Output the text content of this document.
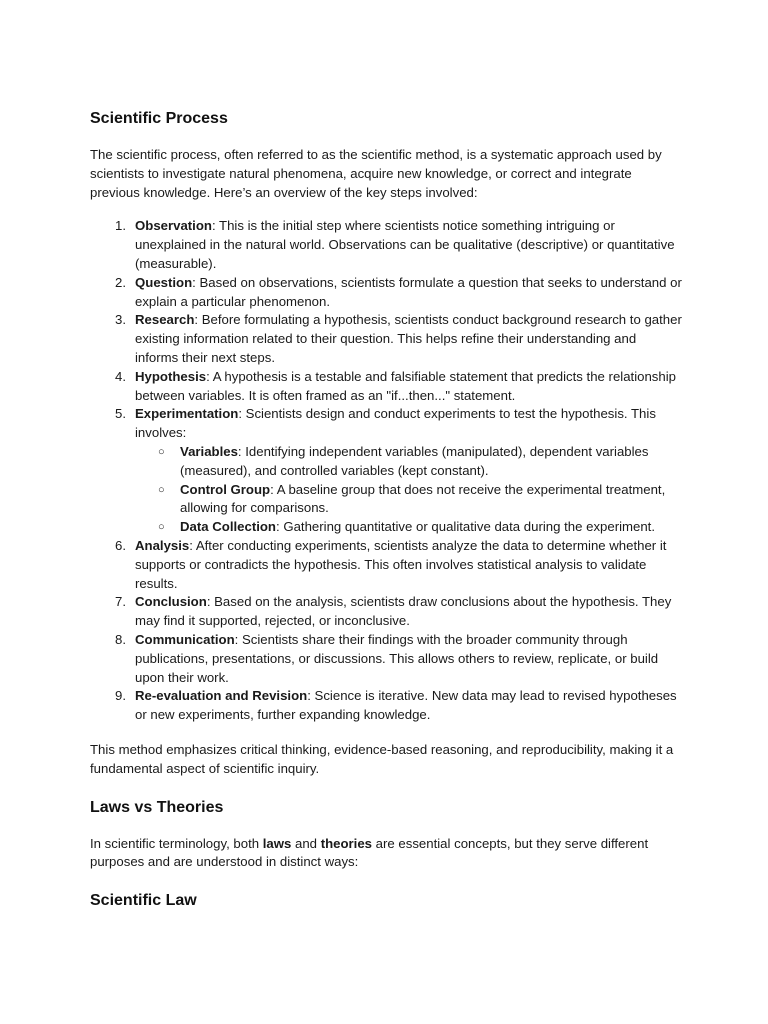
Scientific Process

The scientific process, often referred to as the scientific method, is a systematic approach used by scientists to investigate natural phenomena, acquire new knowledge, or correct and integrate previous knowledge. Here’s an overview of the key steps involved:

1. Observation: This is the initial step where scientists notice something intriguing or unexplained in the natural world. Observations can be qualitative (descriptive) or quantitative (measurable).
2. Question: Based on observations, scientists formulate a question that seeks to understand or explain a particular phenomenon.
3. Research: Before formulating a hypothesis, scientists conduct background research to gather existing information related to their question. This helps refine their understanding and informs their next steps.
4. Hypothesis: A hypothesis is a testable and falsifiable statement that predicts the relationship between variables. It is often framed as an "if...then..." statement.
5. Experimentation: Scientists design and conduct experiments to test the hypothesis. This involves:
○ Variables: Identifying independent variables (manipulated), dependent variables (measured), and controlled variables (kept constant).
○ Control Group: A baseline group that does not receive the experimental treatment, allowing for comparisons.
○ Data Collection: Gathering quantitative or qualitative data during the experiment.
6. Analysis: After conducting experiments, scientists analyze the data to determine whether it supports or contradicts the hypothesis. This often involves statistical analysis to validate results.
7. Conclusion: Based on the analysis, scientists draw conclusions about the hypothesis. They may find it supported, rejected, or inconclusive.
8. Communication: Scientists share their findings with the broader community through publications, presentations, or discussions. This allows others to review, replicate, or build upon their work.
9. Re-evaluation and Revision: Science is iterative. New data may lead to revised hypotheses or new experiments, further expanding knowledge.

This method emphasizes critical thinking, evidence-based reasoning, and reproducibility, making it a fundamental aspect of scientific inquiry.

Laws vs Theories

In scientific terminology, both laws and theories are essential concepts, but they serve different purposes and are understood in distinct ways:

Scientific Law
